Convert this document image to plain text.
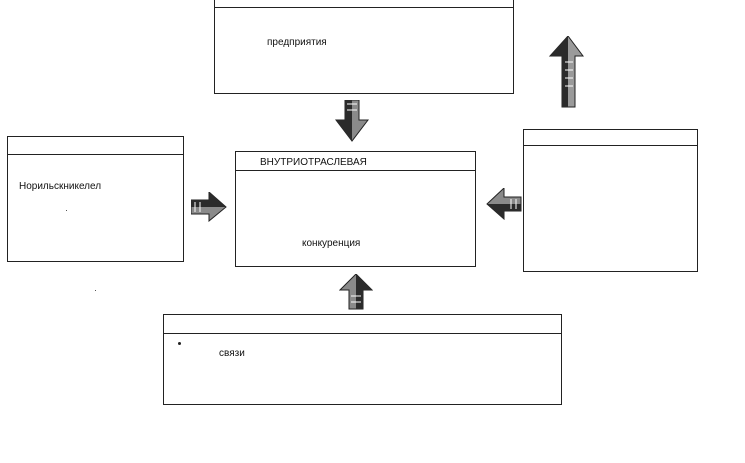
предприятия
Норильскникелел
ВНУТРИОТРАСЛЕВАЯ
конкуренция
связи
